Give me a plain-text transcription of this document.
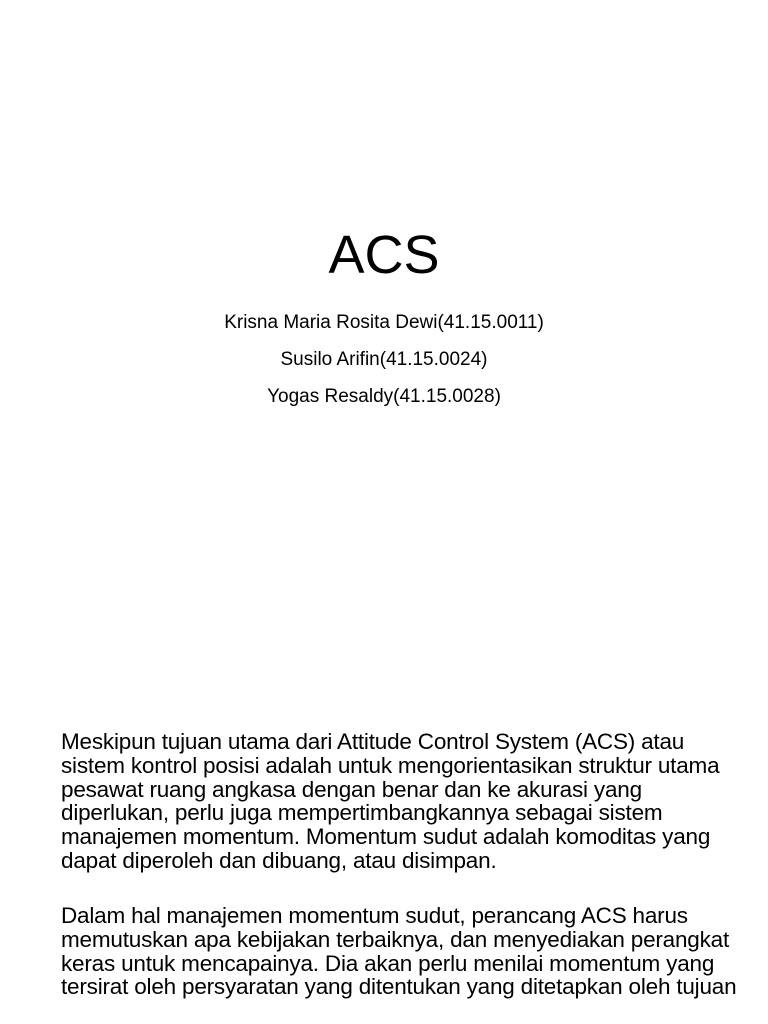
ACS
Krisna Maria Rosita Dewi(41.15.0011)
Susilo Arifin(41.15.0024)
Yogas Resaldy(41.15.0028)

Meskipun tujuan utama dari Attitude Control System (ACS) atau sistem kontrol posisi adalah untuk mengorientasikan struktur utama pesawat ruang angkasa dengan benar dan ke akurasi yang diperlukan, perlu juga mempertimbangkannya sebagai sistem manajemen momentum. Momentum sudut adalah komoditas yang dapat diperoleh dan dibuang, atau disimpan.

Dalam hal manajemen momentum sudut, perancang ACS harus memutuskan apa kebijakan terbaiknya, dan menyediakan perangkat keras untuk mencapainya. Dia akan perlu menilai momentum yang tersirat oleh persyaratan yang ditentukan yang ditetapkan oleh tujuan
